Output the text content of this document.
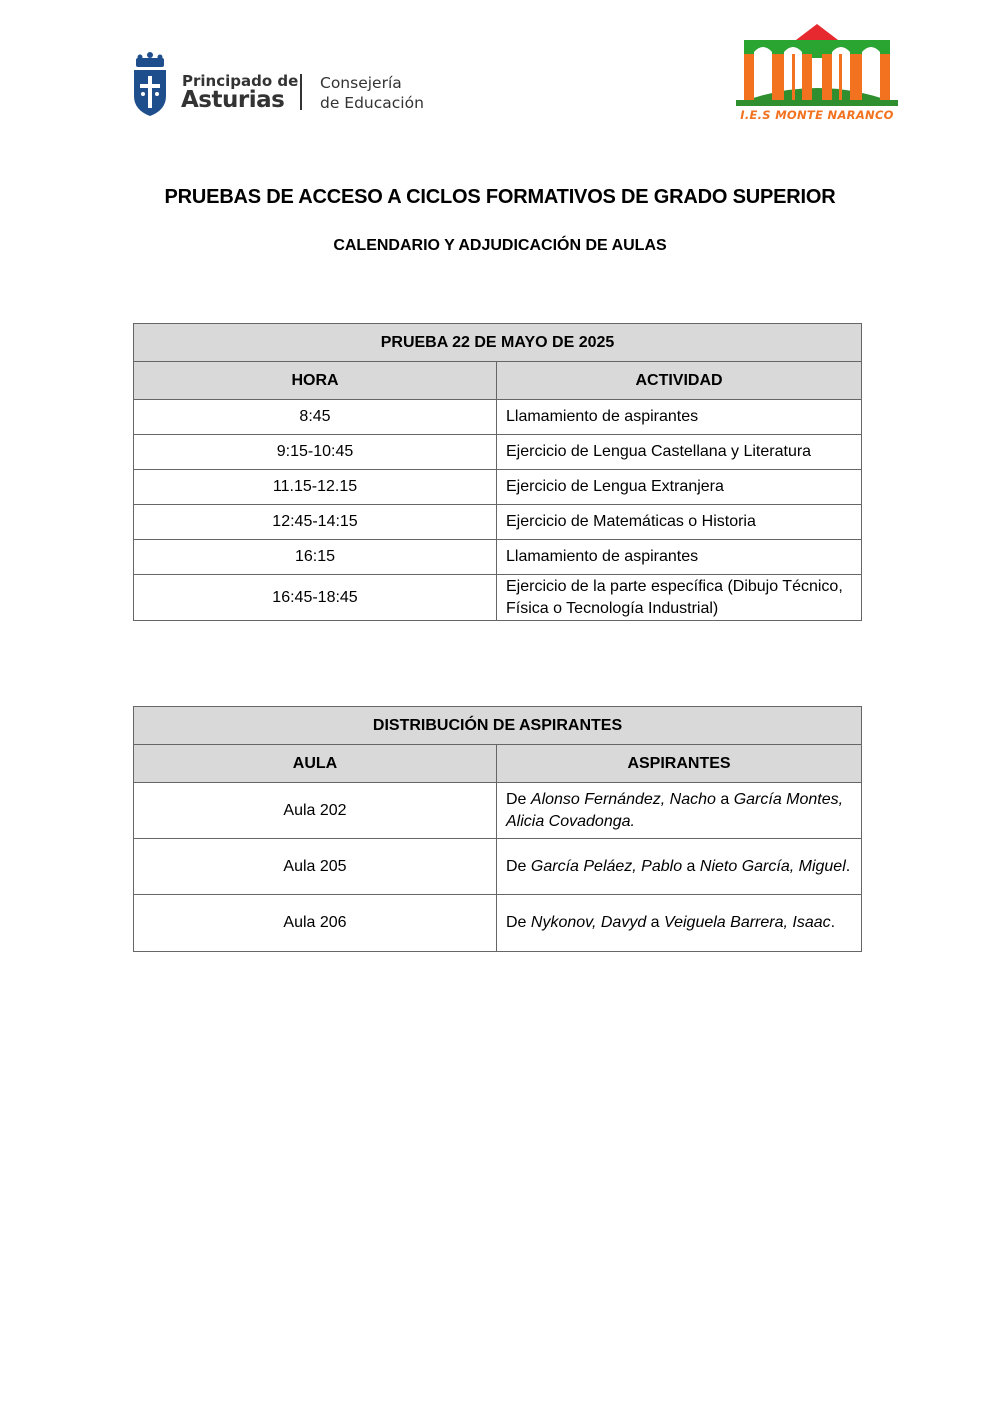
Principado de
Asturias
Consejería
de Educación
I.E.S MONTE NARANCO
PRUEBAS DE ACCESO A CICLOS FORMATIVOS DE GRADO SUPERIOR
CALENDARIO Y ADJUDICACIÓN DE AULAS
PRUEBA 22 DE MAYO DE 2025	
HORA	ACTIVIDAD
8:45	Llamamiento de aspirantes
9:15-10:45	Ejercicio de Lengua Castellana y Literatura
11.15-12.15	Ejercicio de Lengua Extranjera
12:45-14:15	Ejercicio de Matemáticas o Historia
16:15	Llamamiento de aspirantes
16:45-18:45	Ejercicio de la parte específica (Dibujo Técnico, Física o Tecnología Industrial)
DISTRIBUCIÓN DE ASPIRANTES	
AULA	ASPIRANTES
Aula 202	De Alonso Fernández, Nacho a García Montes, Alicia Covadonga.
Aula 205	De García Peláez, Pablo a Nieto García, Miguel.
Aula 206	De Nykonov, Davyd a Veiguela Barrera, Isaac.
